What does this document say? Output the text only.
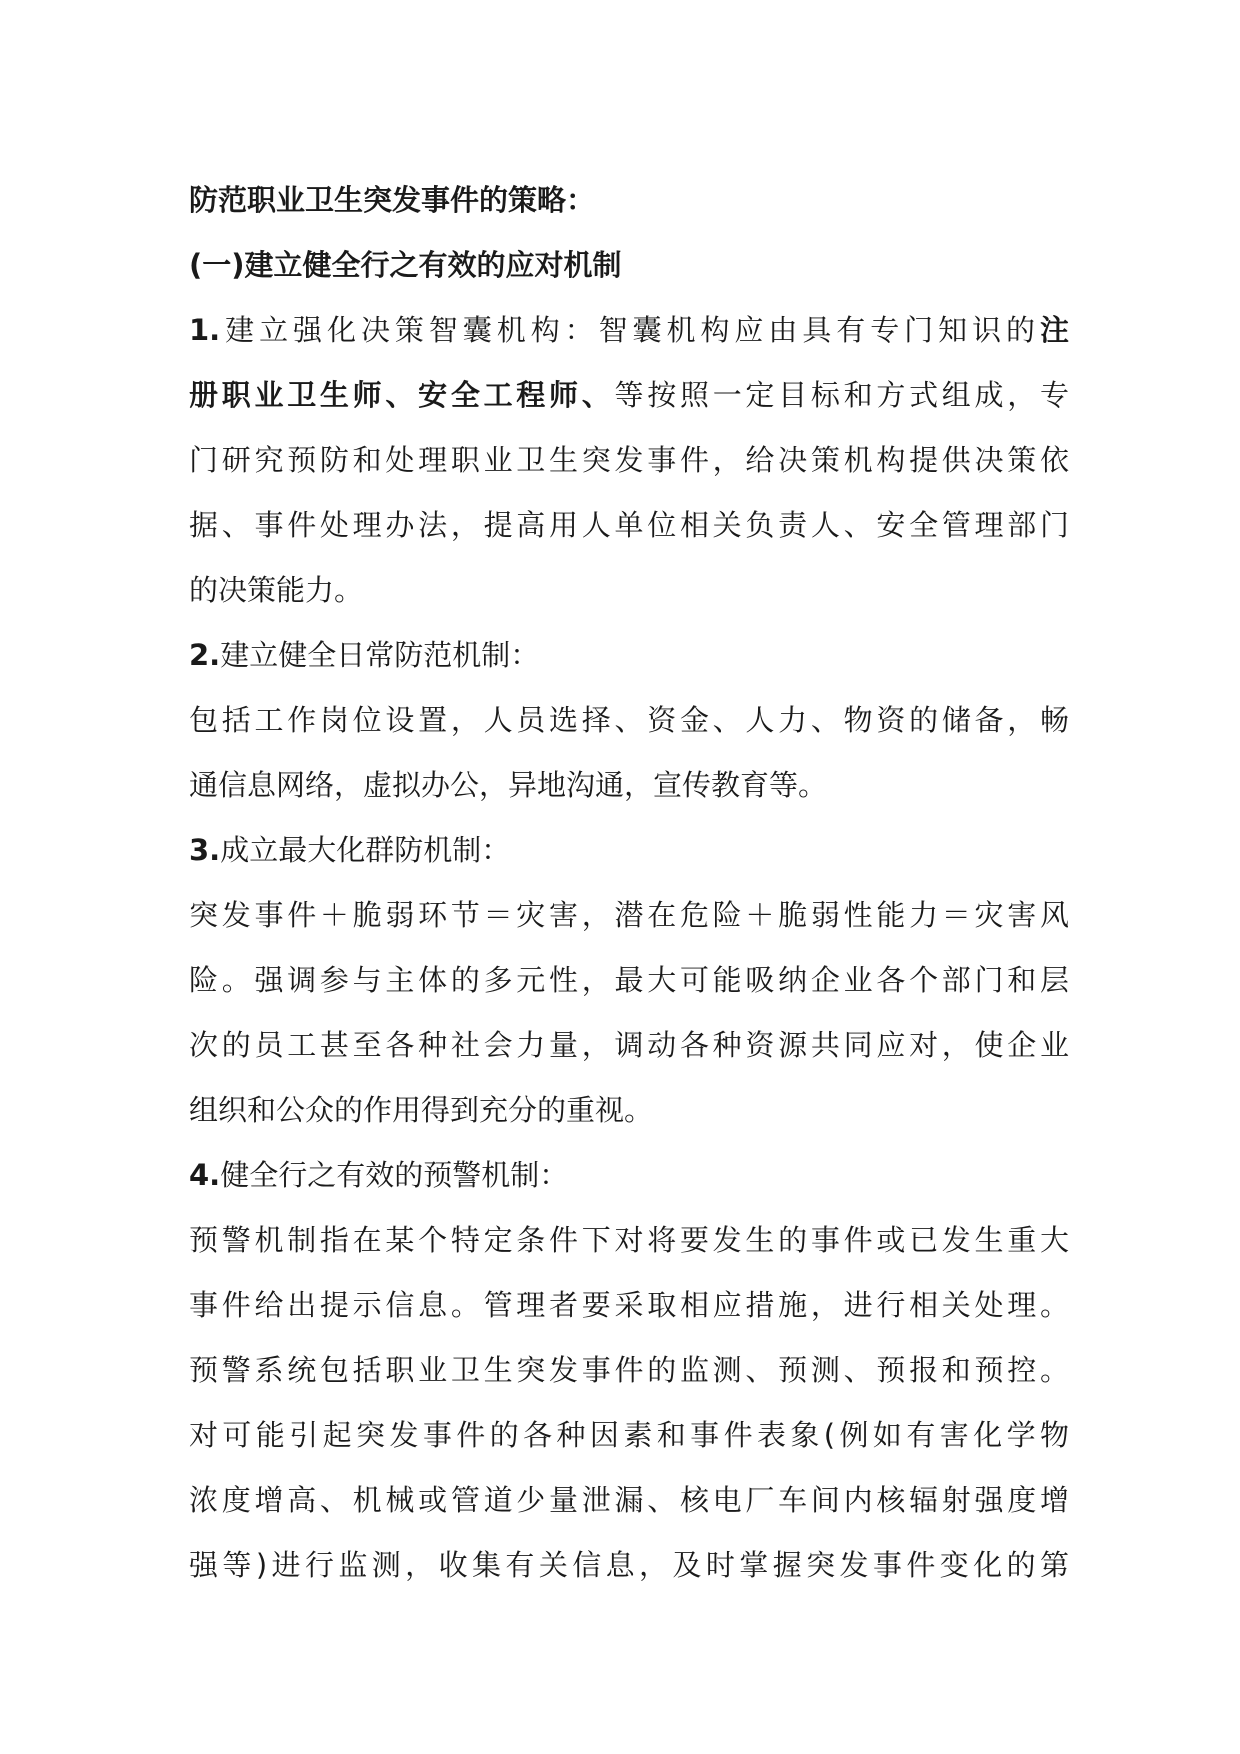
防范职业卫生突发事件的策略：
(一)建立健全行之有效的应对机制
1.建立强化决策智囊机构：智囊机构应由具有专门知识的注
册职业卫生师、安全工程师、等按照一定目标和方式组成，专
门研究预防和处理职业卫生突发事件，给决策机构提供决策依
据、事件处理办法，提高用人单位相关负责人、安全管理部门
的决策能力。
2.建立健全日常防范机制：
包括工作岗位设置，人员选择、资金、人力、物资的储备，畅
通信息网络，虚拟办公，异地沟通，宣传教育等。
3.成立最大化群防机制：
突发事件＋脆弱环节＝灾害，潜在危险＋脆弱性能力＝灾害风
险。强调参与主体的多元性，最大可能吸纳企业各个部门和层
次的员工甚至各种社会力量，调动各种资源共同应对，使企业
组织和公众的作用得到充分的重视。
4.健全行之有效的预警机制：
预警机制指在某个特定条件下对将要发生的事件或已发生重大
事件给出提示信息。管理者要采取相应措施，进行相关处理。
预警系统包括职业卫生突发事件的监测、预测、预报和预控。
对可能引起突发事件的各种因素和事件表象(例如有害化学物
浓度增高、机械或管道少量泄漏、核电厂车间内核辐射强度增
强等)进行监测，收集有关信息，及时掌握突发事件变化的第
